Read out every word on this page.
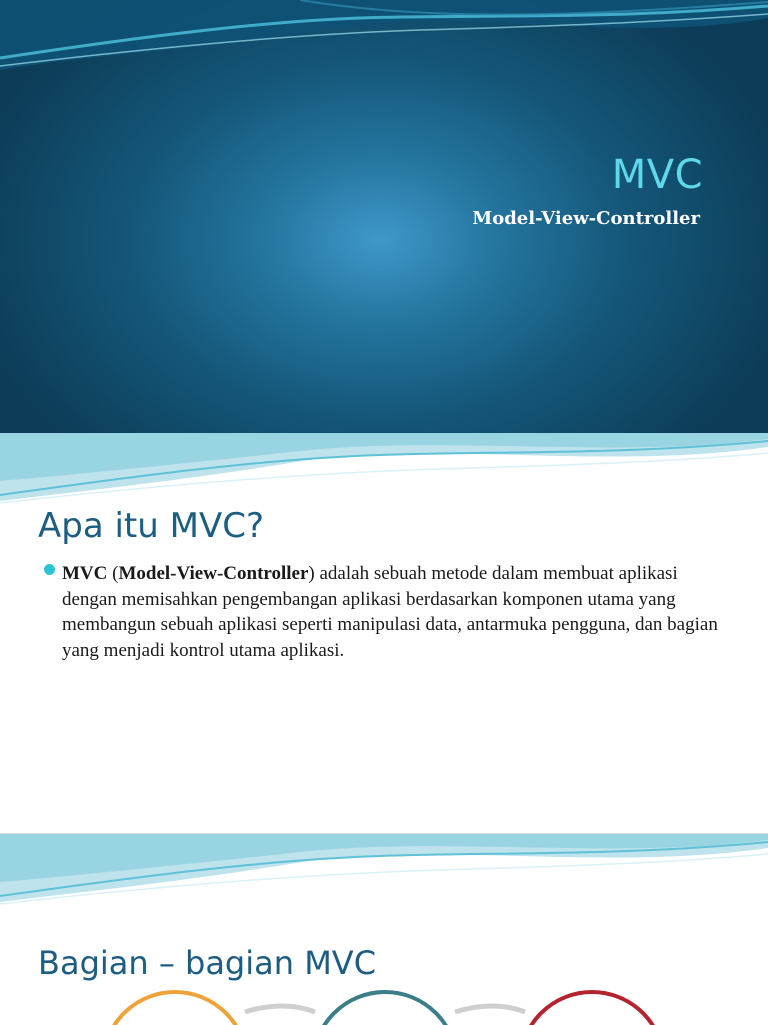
MVC
Model-View-Controller
Apa itu MVC?
MVC (Model-View-Controller) adalah sebuah metode dalam membuat aplikasi dengan memisahkan pengembangan aplikasi berdasarkan komponen utama yang membangun sebuah aplikasi seperti manipulasi data, antarmuka pengguna, dan bagian yang menjadi kontrol utama aplikasi.
Bagian – bagian MVC
